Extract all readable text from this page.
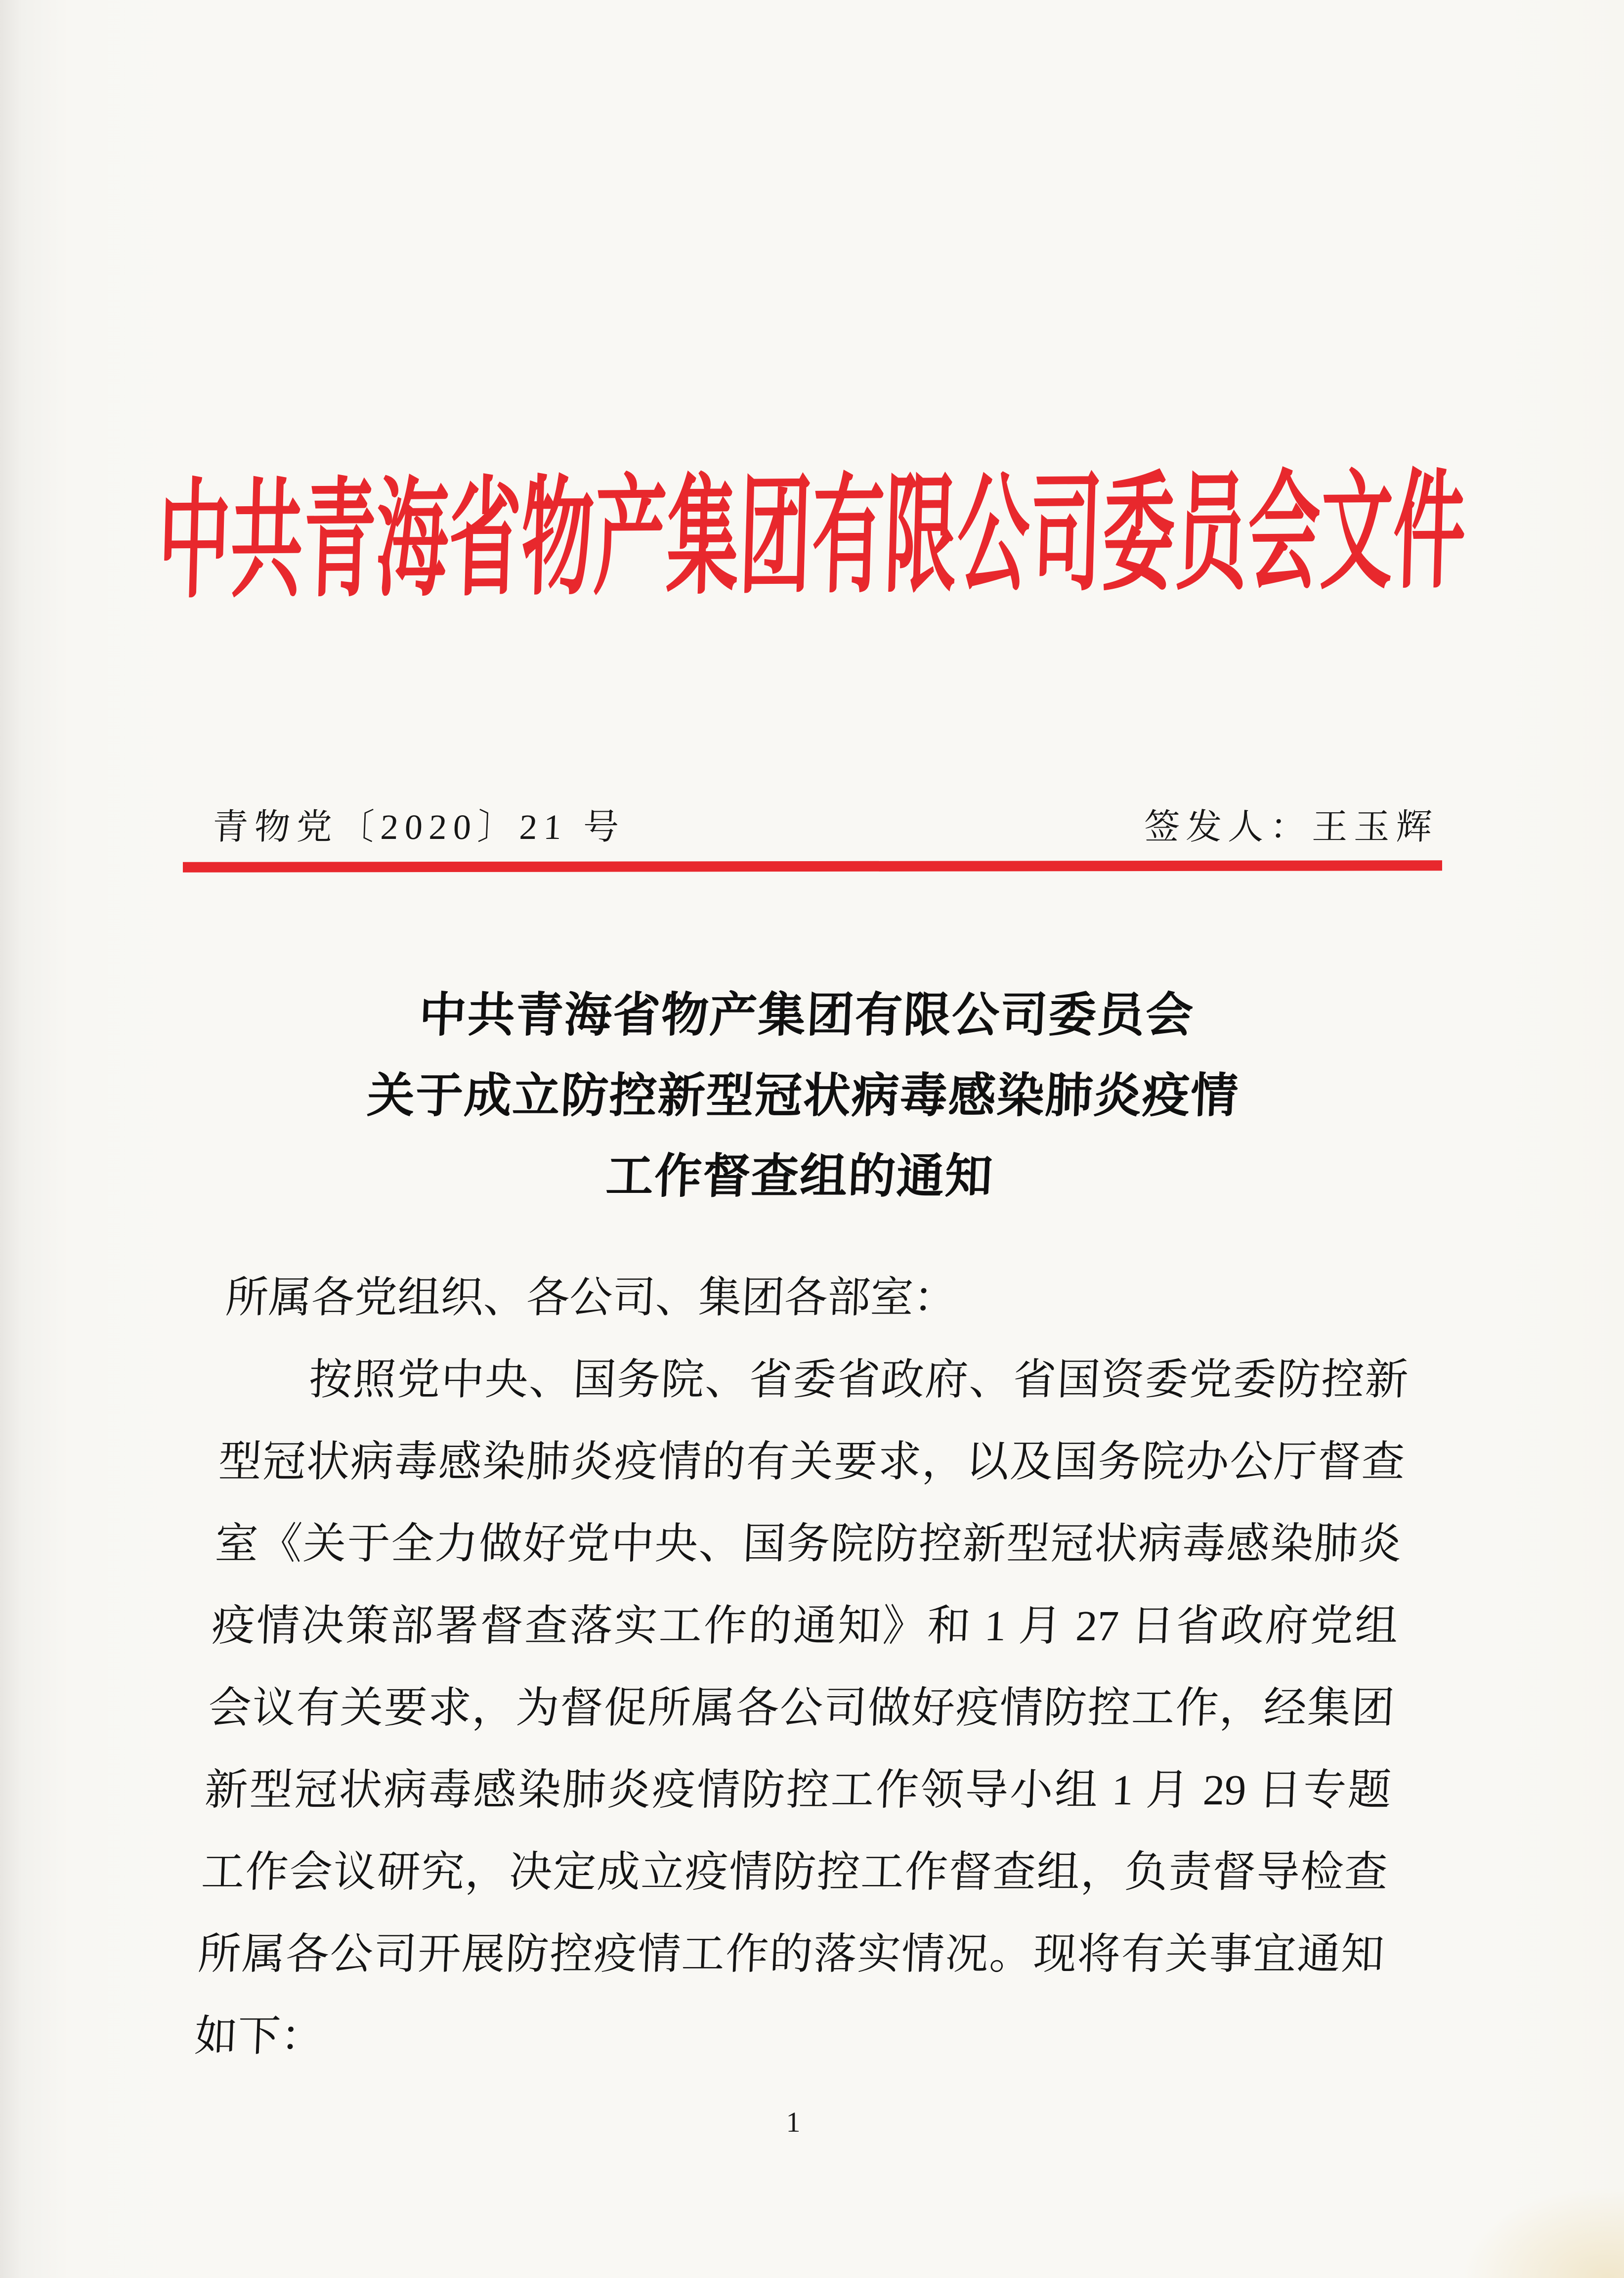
中共青海省物产集团有限公司委员会文件
青物党〔2020〕21 号	签发人：王玉辉
中共青海省物产集团有限公司委员会
关于成立防控新型冠状病毒感染肺炎疫情
工作督查组的通知
所属各党组织、各公司、集团各部室：
按照党中央、国务院、省委省政府、省国资委党委防控新
型冠状病毒感染肺炎疫情的有关要求，以及国务院办公厅督查
室《关于全力做好党中央、国务院防控新型冠状病毒感染肺炎
疫情决策部署督查落实工作的通知》和 1 月 27 日省政府党组
会议有关要求，为督促所属各公司做好疫情防控工作，经集团
新型冠状病毒感染肺炎疫情防控工作领导小组 1 月 29 日专题
工作会议研究，决定成立疫情防控工作督查组，负责督导检查
所属各公司开展防控疫情工作的落实情况。现将有关事宜通知
如下：
1
